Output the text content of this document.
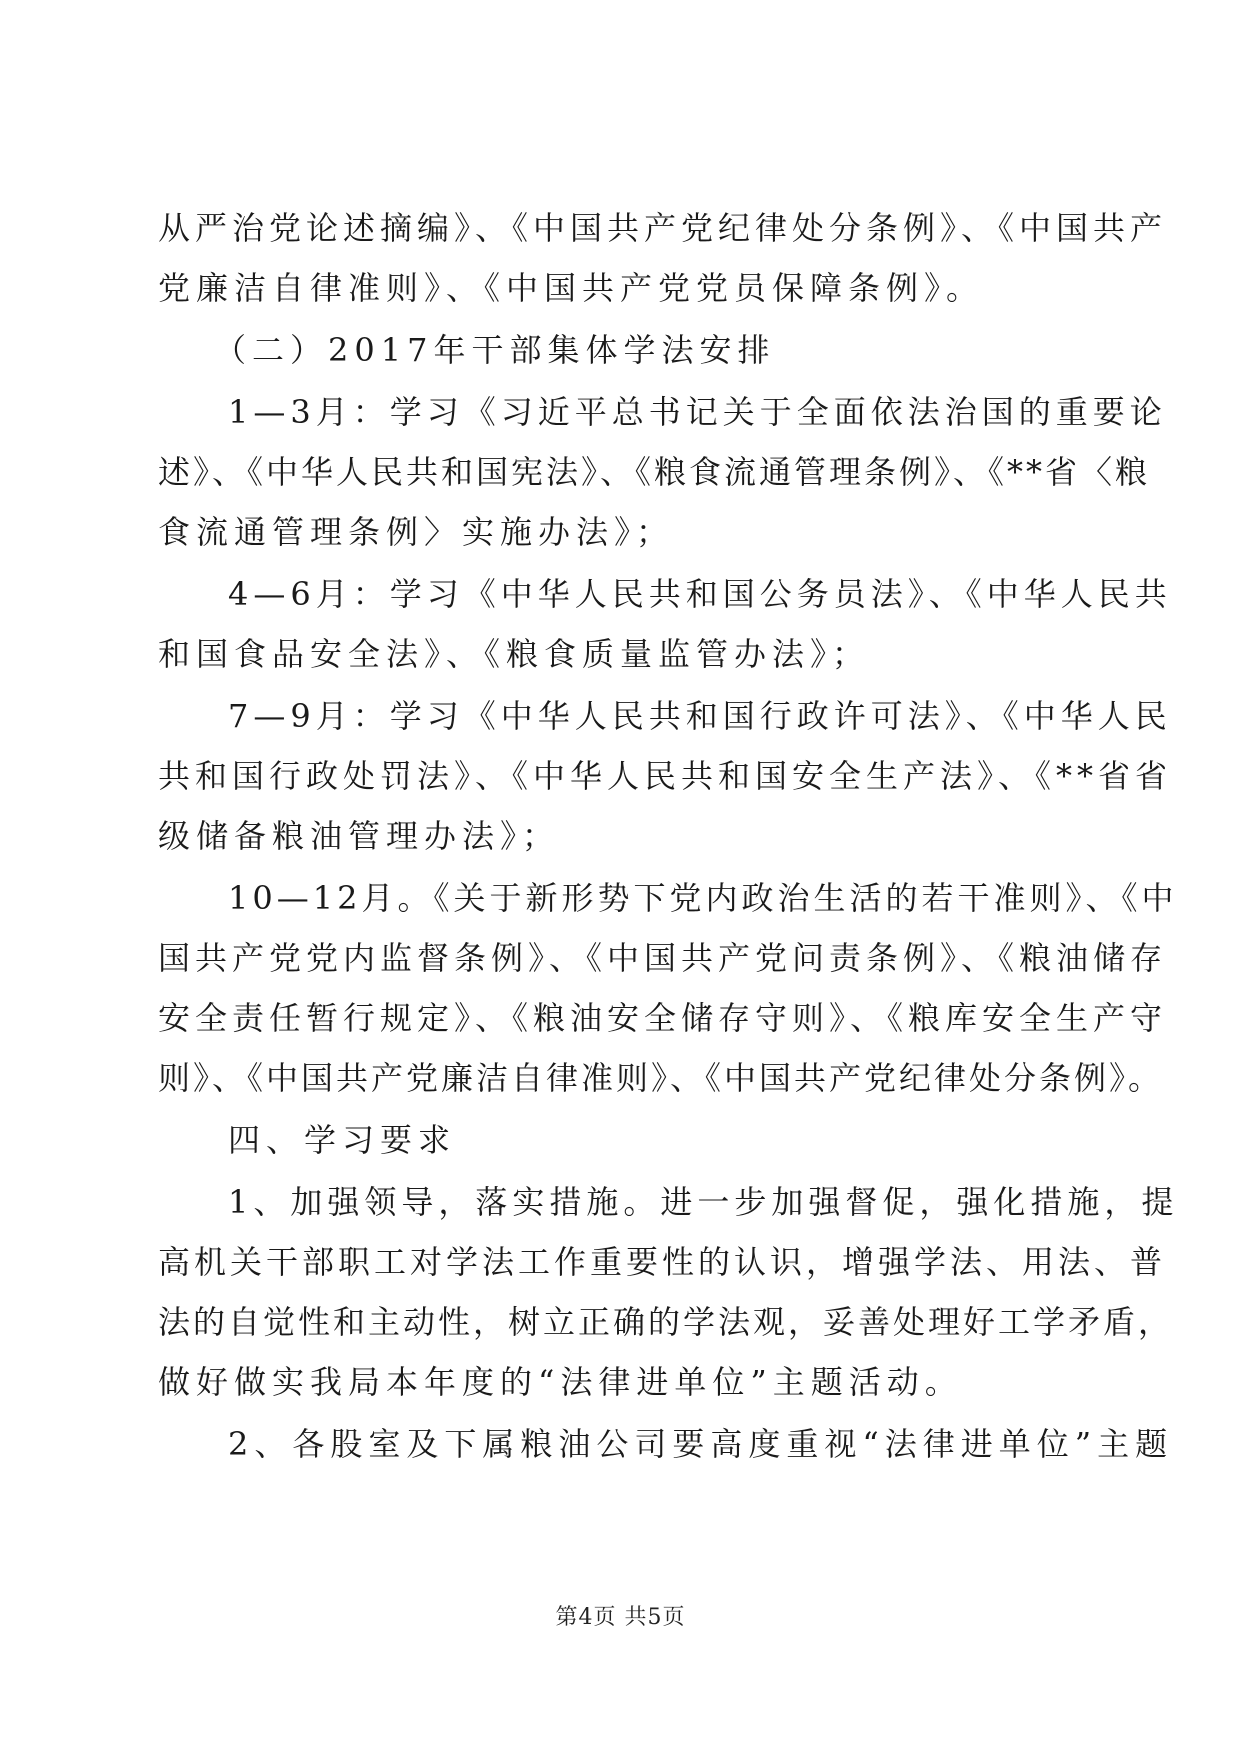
从严治党论述摘编》、《中国共产党纪律处分条例》、《中国共产
党廉洁自律准则》、《中国共产党党员保障条例》。
（二）2017年干部集体学法安排
1—3月：学习《习近平总书记关于全面依法治国的重要论
述》、《中华人民共和国宪法》、《粮食流通管理条例》、《**省〈粮
食流通管理条例〉实施办法》；
4—6月：学习《中华人民共和国公务员法》、《中华人民共
和国食品安全法》、《粮食质量监管办法》；
7—9月：学习《中华人民共和国行政许可法》、《中华人民
共和国行政处罚法》、《中华人民共和国安全生产法》、《**省省
级储备粮油管理办法》；
10—12月。《关于新形势下党内政治生活的若干准则》、《中
国共产党党内监督条例》、《中国共产党问责条例》、《粮油储存
安全责任暂行规定》、《粮油安全储存守则》、《粮库安全生产守
则》、《中国共产党廉洁自律准则》、《中国共产党纪律处分条例》。
四、学习要求
1、加强领导，落实措施。进一步加强督促，强化措施，提
高机关干部职工对学法工作重要性的认识，增强学法、用法、普
法的自觉性和主动性，树立正确的学法观，妥善处理好工学矛盾，
做好做实我局本年度的“法律进单位”主题活动。
2、各股室及下属粮油公司要高度重视“法律进单位”主题
第4页 共5页
